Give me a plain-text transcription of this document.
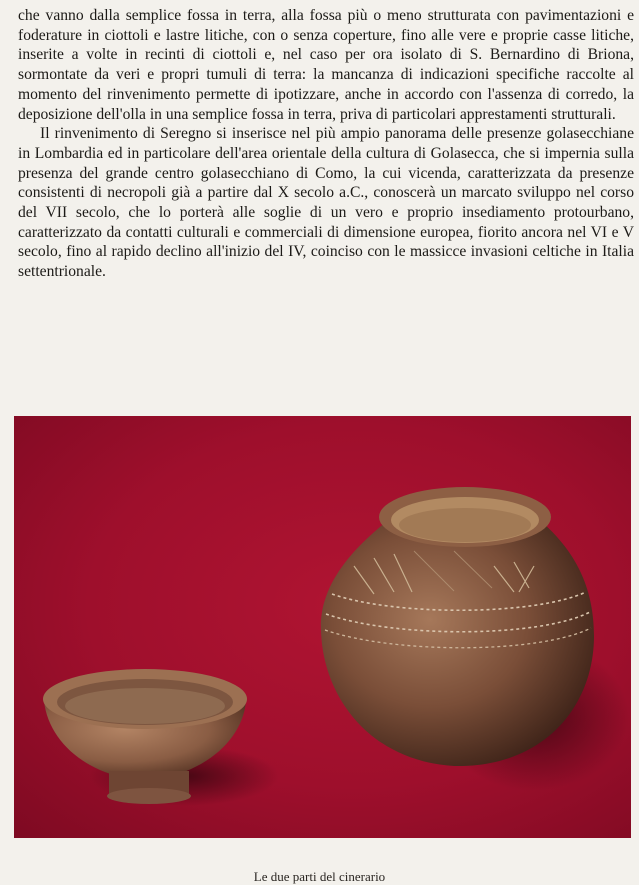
che vanno dalla semplice fossa in terra, alla fossa più o meno strutturata con pavimentazioni e foderature in ciottoli e lastre litiche, con o senza coperture, fino alle vere e proprie casse litiche, inserite a volte in recinti di ciottoli e, nel caso per ora isolato di S. Bernardino di Briona, sormontate da veri e propri tumuli di terra: la mancanza di indicazioni specifiche raccolte al momento del rinvenimento permette di ipotizzare, anche in accordo con l'assenza di corredo, la deposizione dell'olla in una semplice fossa in terra, priva di particolari apprestamenti strutturali.

Il rinvenimento di Seregno si inserisce nel più ampio panorama delle presenze golasecchiane in Lombardia ed in particolare dell'area orientale della cultura di Golasecca, che si impernia sulla presenza del grande centro golasecchiano di Como, la cui vicenda, caratterizzata da presenze consistenti di necropoli già a partire dal X secolo a.C., conoscerà un marcato sviluppo nel corso del VII secolo, che lo porterà alle soglie di un vero e proprio insediamento protourbano, caratterizzato da contatti culturali e commerciali di dimensione europea, fiorito ancora nel VI e V secolo, fino al rapido declino all'inizio del IV, coinciso con le massicce invasioni celtiche in Italia settentrionale.

Le due parti del cinerario
